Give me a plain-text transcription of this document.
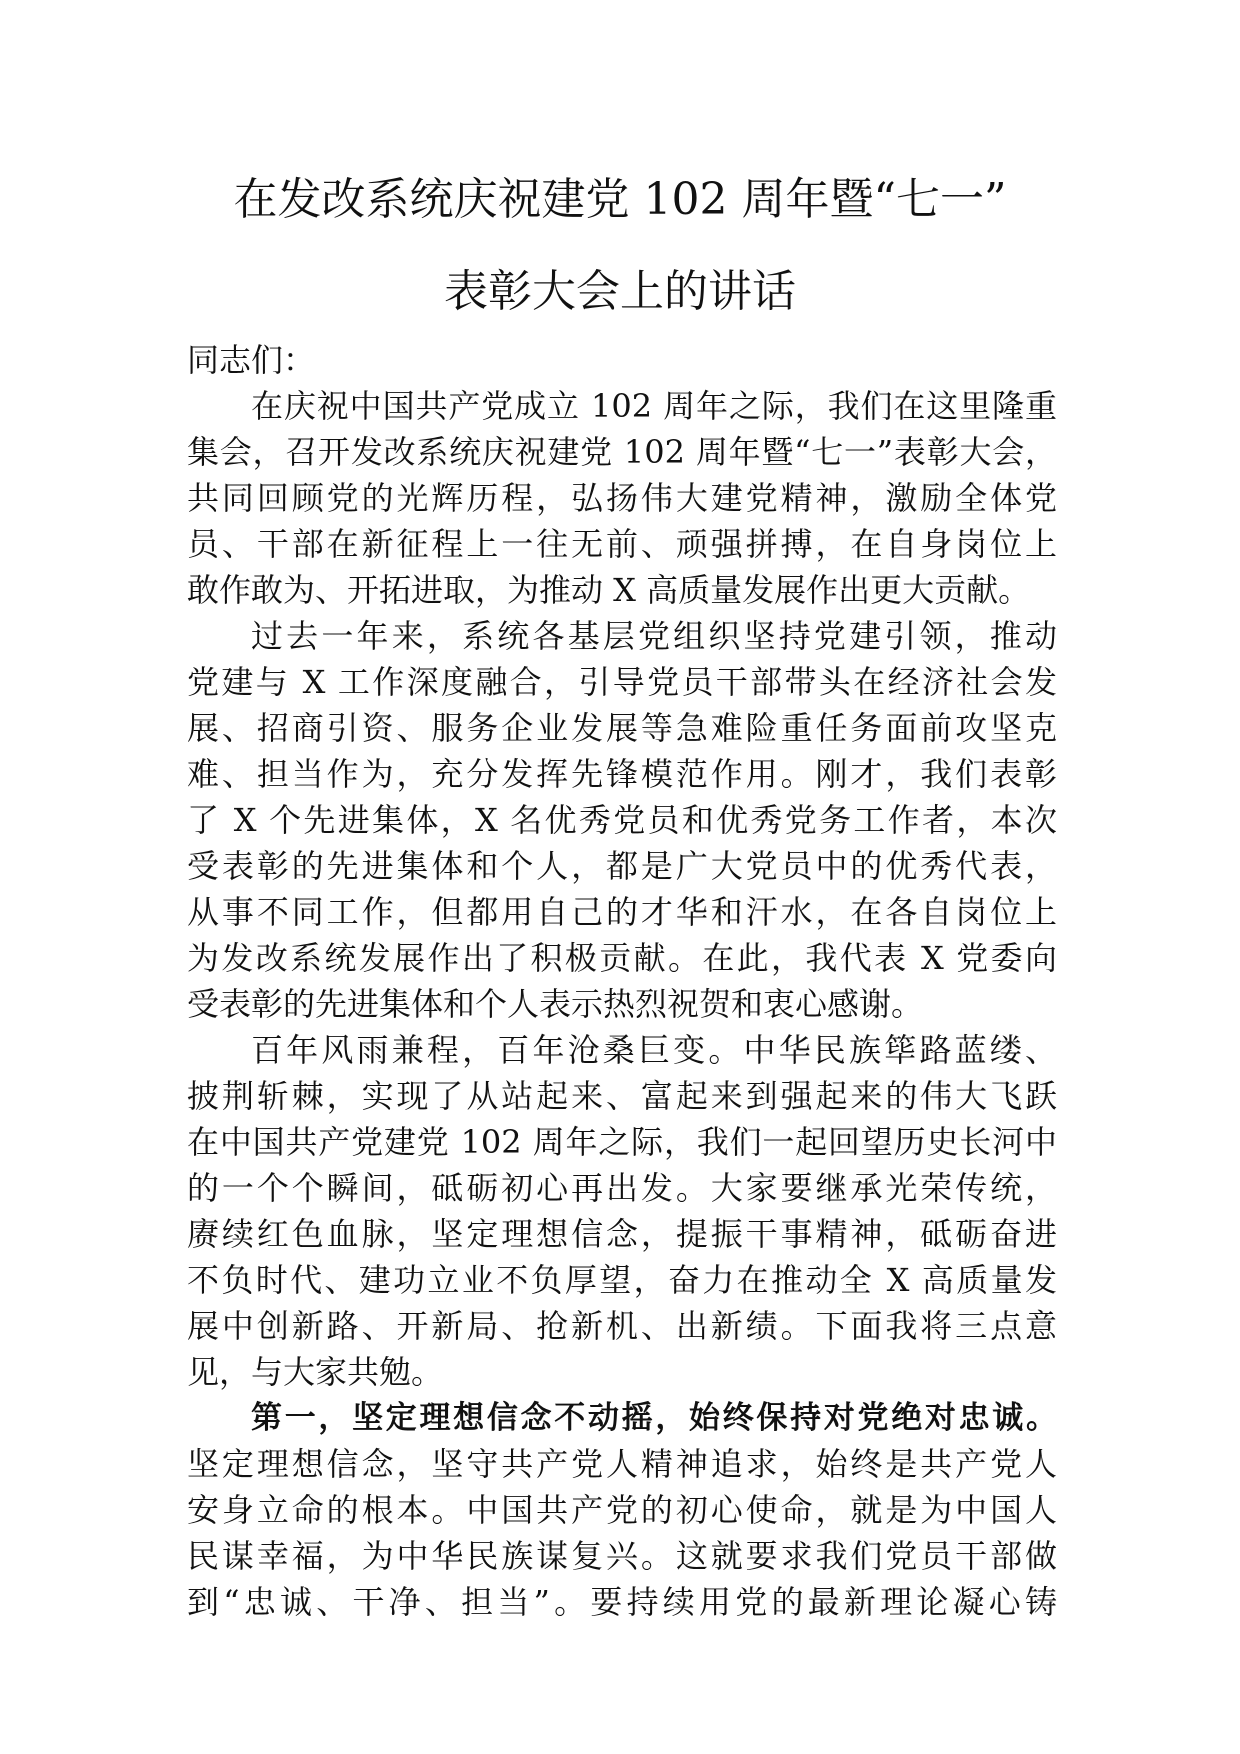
在发改系统庆祝建党 102 周年暨“七一”
表彰大会上的讲话
同志们：
在庆祝中国共产党成立 102 周年之际，我们在这里隆重
集会，召开发改系统庆祝建党 102 周年暨“七一”表彰大会，
共同回顾党的光辉历程，弘扬伟大建党精神，激励全体党
员、干部在新征程上一往无前、顽强拼搏，在自身岗位上
敢作敢为、开拓进取，为推动 X 高质量发展作出更大贡献。
过去一年来，系统各基层党组织坚持党建引领，推动
党建与 X 工作深度融合，引导党员干部带头在经济社会发
展、招商引资、服务企业发展等急难险重任务面前攻坚克
难、担当作为，充分发挥先锋模范作用。刚才，我们表彰
了 X 个先进集体，X 名优秀党员和优秀党务工作者，本次
受表彰的先进集体和个人，都是广大党员中的优秀代表，
从事不同工作，但都用自己的才华和汗水，在各自岗位上
为发改系统发展作出了积极贡献。在此，我代表 X 党委向
受表彰的先进集体和个人表示热烈祝贺和衷心感谢。
百年风雨兼程，百年沧桑巨变。中华民族筚路蓝缕、
披荆斩棘，实现了从站起来、富起来到强起来的伟大飞跃
在中国共产党建党 102 周年之际，我们一起回望历史长河中
的一个个瞬间，砥砺初心再出发。大家要继承光荣传统，
赓续红色血脉，坚定理想信念，提振干事精神，砥砺奋进
不负时代、建功立业不负厚望，奋力在推动全 X 高质量发
展中创新路、开新局、抢新机、出新绩。下面我将三点意
见，与大家共勉。
第一，坚定理想信念不动摇，始终保持对党绝对忠诚。
坚定理想信念，坚守共产党人精神追求，始终是共产党人
安身立命的根本。中国共产党的初心使命，就是为中国人
民谋幸福，为中华民族谋复兴。这就要求我们党员干部做
到“忠诚、干净、担当”。要持续用党的最新理论凝心铸
